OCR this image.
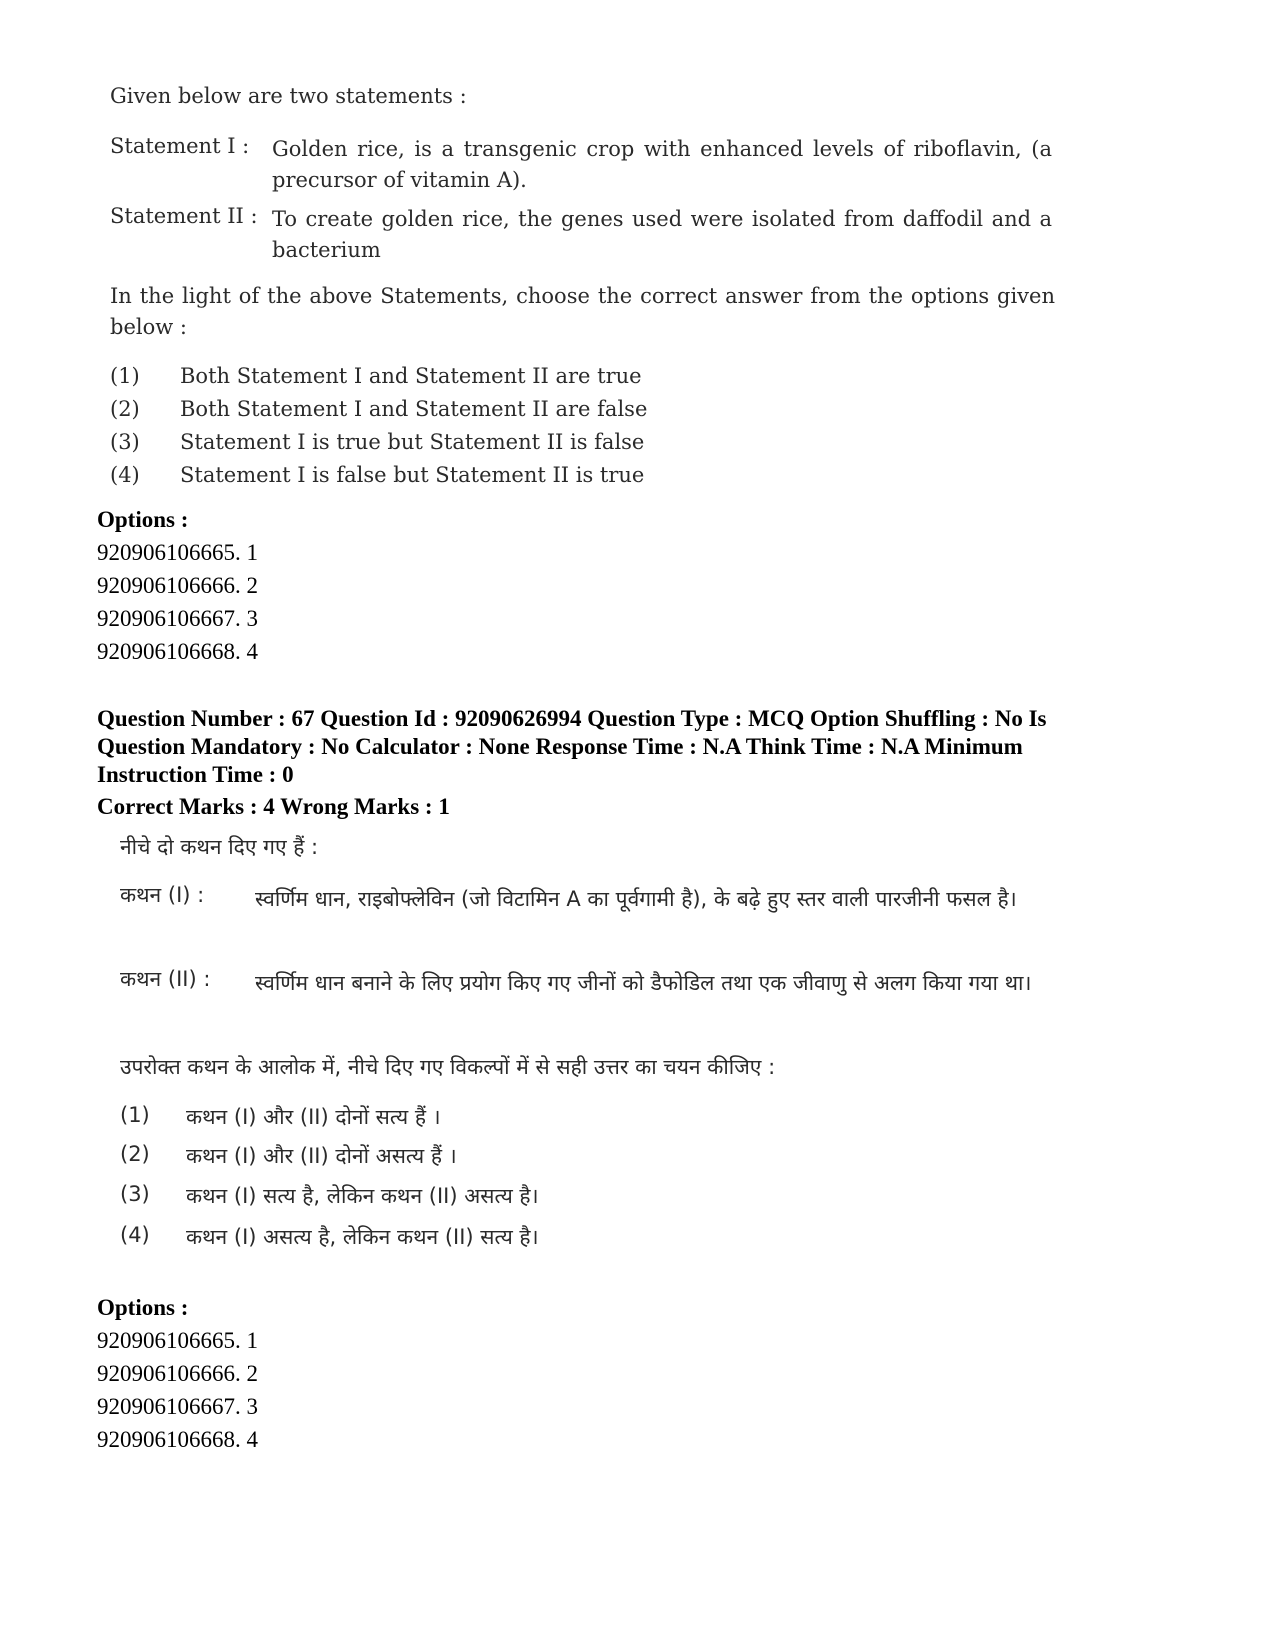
Given below are two statements :
Statement I :	Golden rice, is a transgenic crop with enhanced levels of riboflavin, (a precursor of vitamin A).
Statement II : To create golden rice, the genes used were isolated from daffodil and a bacterium
In the light of the above Statements, choose the correct answer from the options given below :
(1) Both Statement I and Statement II are true
(2) Both Statement I and Statement II are false
(3) Statement I is true but Statement II is false
(4) Statement I is false but Statement II is true
Options :
920906106665. 1
920906106666. 2
920906106667. 3
920906106668. 4
Question Number : 67 Question Id : 92090626994 Question Type : MCQ Option Shuffling : No Is
Question Mandatory : No Calculator : None Response Time : N.A Think Time : N.A Minimum
Instruction Time : 0
Correct Marks : 4 Wrong Marks : 1
नीचे दो कथन दिए गए हैं :
कथन (I) :	स्वर्णिम धान, राइबोफ्लेविन (जो विटामिन A का पूर्वगामी है), के बढ़े हुए स्तर वाली पारजीनी फसल है।
कथन (II) :	स्वर्णिम धान बनाने के लिए प्रयोग किए गए जीनों को डैफोडिल तथा एक जीवाणु से अलग किया गया था।
उपरोक्त कथन के आलोक में, नीचे दिए गए विकल्पों में से सही उत्तर का चयन कीजिए :
(1) कथन (I) और (II) दोनों सत्य हैं ।
(2) कथन (I) और (II) दोनों असत्य हैं ।
(3) कथन (I) सत्य है, लेकिन कथन (II) असत्य है।
(4) कथन (I) असत्य है, लेकिन कथन (II) सत्य है।
Options :
920906106665. 1
920906106666. 2
920906106667. 3
920906106668. 4
